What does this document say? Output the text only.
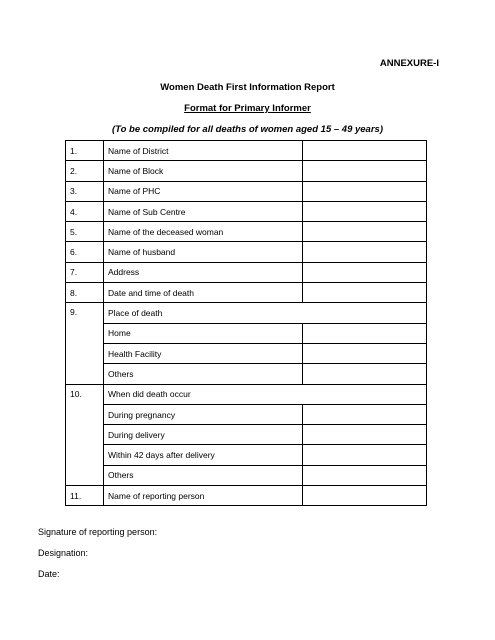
ANNEXURE-I
Women Death First Information Report
Format for Primary Informer
(To be compiled for all deaths of women aged 15 – 49 years)
1.	Name of District	
2.	Name of Block	
3.	Name of PHC	
4.	Name of Sub Centre	
5.	Name of the deceased woman	
6.	Name of husband	
7.	Address	
8.	Date and time of death	
9.	Place of death	
	Home	
	Health Facility	
	Others	
10.	When did death occur	
	During pregnancy	
	During delivery	
	Within 42 days after delivery	
	Others	
11.	Name of reporting person	
Signature of reporting person:
Designation:
Date:
